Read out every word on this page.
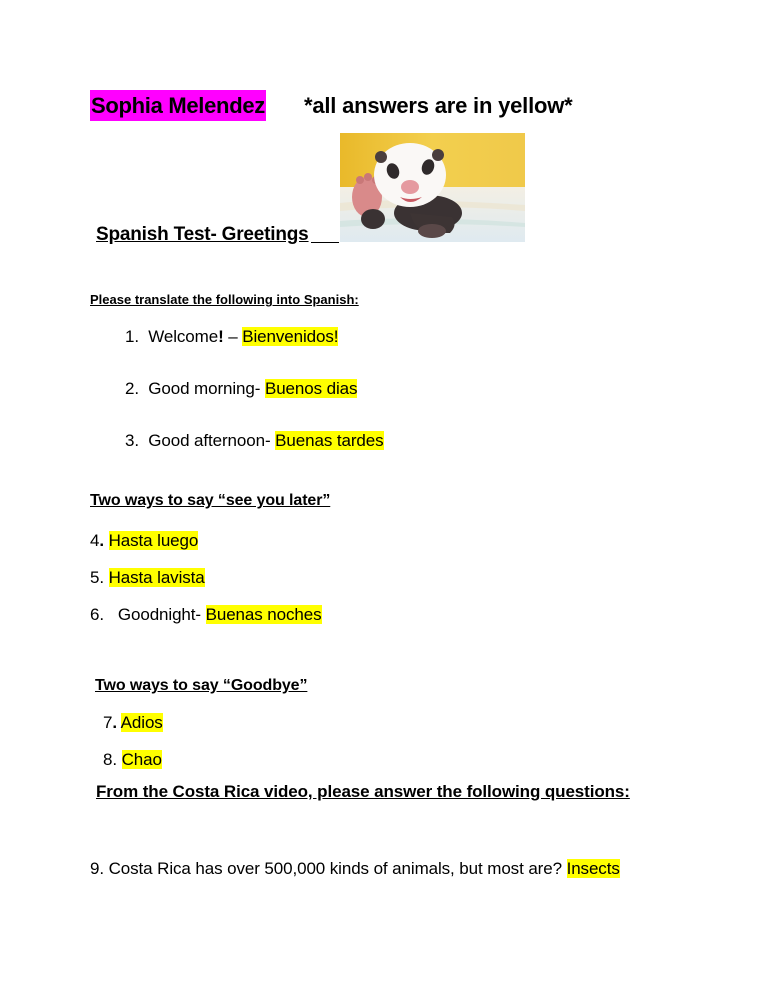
Sophia Melendez *all answers are in yellow*
Spanish Test- Greetings
Please translate the following into Spanish:
1. Welcome! – Bienvenidos!
2. Good morning- Buenos dias
3. Good afternoon- Buenas tardes
Two ways to say “see you later”
4. Hasta luego
5. Hasta lavista
6. Goodnight- Buenas noches
Two ways to say “Goodbye”
7. Adios
8. Chao
From the Costa Rica video, please answer the following questions:
9. Costa Rica has over 500,000 kinds of animals, but most are? Insects
